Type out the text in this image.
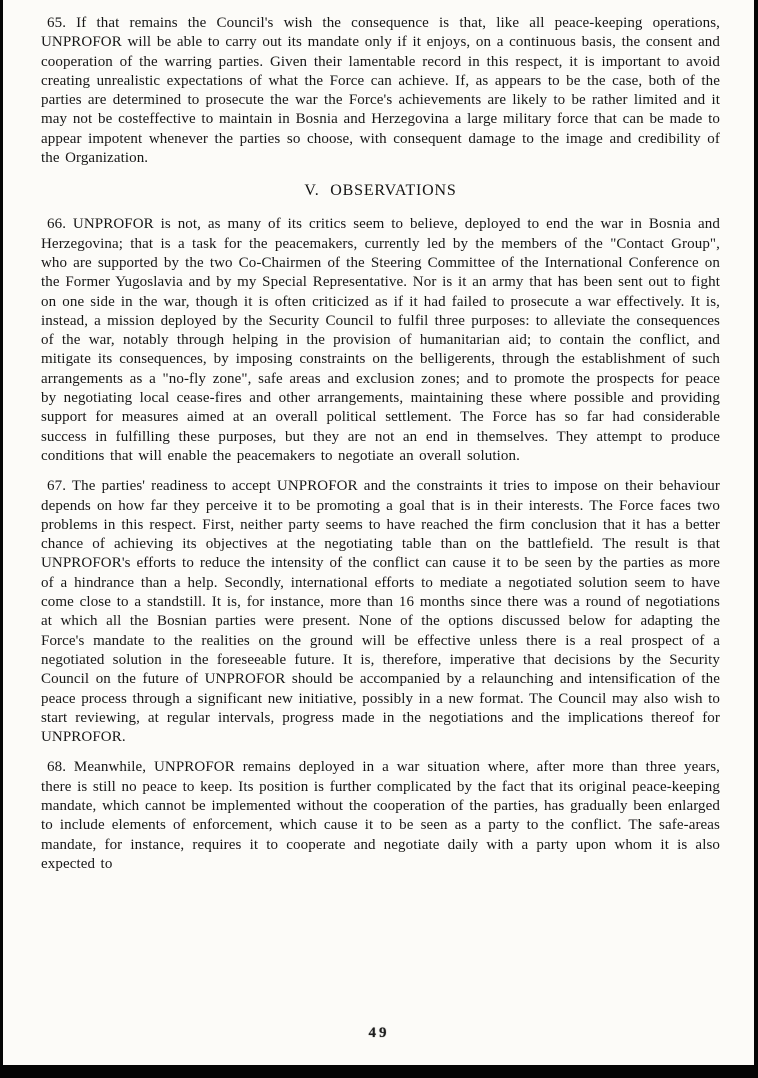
65. If that remains the Council's wish the consequence is that, like all peace-keeping operations, UNPROFOR will be able to carry out its mandate only if it enjoys, on a continuous basis, the consent and cooperation of the warring parties. Given their lamentable record in this respect, it is important to avoid creating unrealistic expectations of what the Force can achieve. If, as appears to be the case, both of the parties are determined to prosecute the war the Force's achievements are likely to be rather limited and it may not be costeffective to maintain in Bosnia and Herzegovina a large military force that can be made to appear impotent whenever the parties so choose, with consequent damage to the image and credibility of the Organization.

V. OBSERVATIONS

66. UNPROFOR is not, as many of its critics seem to believe, deployed to end the war in Bosnia and Herzegovina; that is a task for the peacemakers, currently led by the members of the "Contact Group", who are supported by the two Co-Chairmen of the Steering Committee of the International Conference on the Former Yugoslavia and by my Special Representative. Nor is it an army that has been sent out to fight on one side in the war, though it is often criticized as if it had failed to prosecute a war effectively. It is, instead, a mission deployed by the Security Council to fulfil three purposes: to alleviate the consequences of the war, notably through helping in the provision of humanitarian aid; to contain the conflict, and mitigate its consequences, by imposing constraints on the belligerents, through the establishment of such arrangements as a "no-fly zone", safe areas and exclusion zones; and to promote the prospects for peace by negotiating local cease-fires and other arrangements, maintaining these where possible and providing support for measures aimed at an overall political settlement. The Force has so far had considerable success in fulfilling these purposes, but they are not an end in themselves. They attempt to produce conditions that will enable the peacemakers to negotiate an overall solution.

67. The parties' readiness to accept UNPROFOR and the constraints it tries to impose on their behaviour depends on how far they perceive it to be promoting a goal that is in their interests. The Force faces two problems in this respect. First, neither party seems to have reached the firm conclusion that it has a better chance of achieving its objectives at the negotiating table than on the battlefield. The result is that UNPROFOR's efforts to reduce the intensity of the conflict can cause it to be seen by the parties as more of a hindrance than a help. Secondly, international efforts to mediate a negotiated solution seem to have come close to a standstill. It is, for instance, more than 16 months since there was a round of negotiations at which all the Bosnian parties were present. None of the options discussed below for adapting the Force's mandate to the realities on the ground will be effective unless there is a real prospect of a negotiated solution in the foreseeable future. It is, therefore, imperative that decisions by the Security Council on the future of UNPROFOR should be accompanied by a relaunching and intensification of the peace process through a significant new initiative, possibly in a new format. The Council may also wish to start reviewing, at regular intervals, progress made in the negotiations and the implications thereof for UNPROFOR.

68. Meanwhile, UNPROFOR remains deployed in a war situation where, after more than three years, there is still no peace to keep. Its position is further complicated by the fact that its original peace-keeping mandate, which cannot be implemented without the cooperation of the parties, has gradually been enlarged to include elements of enforcement, which cause it to be seen as a party to the conflict. The safe-areas mandate, for instance, requires it to cooperate and negotiate daily with a party upon whom it is also expected to

49
